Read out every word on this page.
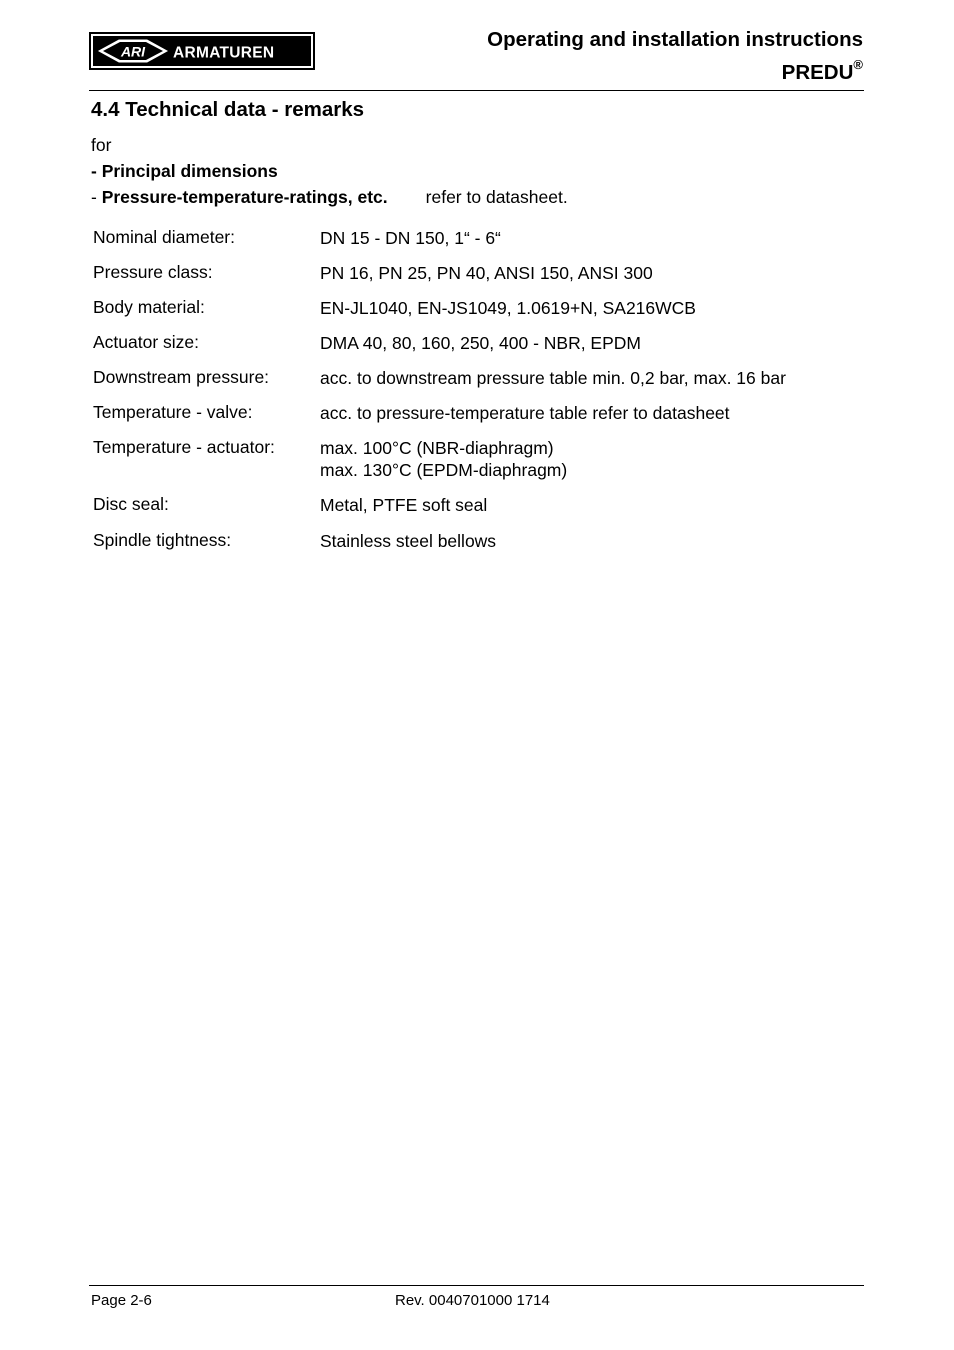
ARI ARMATUREN
Operating and installation instructions
PREDU®
4.4 Technical data - remarks
for
- Principal dimensions
- Pressure-temperature-ratings, etc. refer to datasheet.
Nominal diameter:	DN 15 - DN 150, 1“ - 6“
Pressure class:	PN 16, PN 25, PN 40, ANSI 150, ANSI 300
Body material:	EN-JL1040, EN-JS1049, 1.0619+N, SA216WCB
Actuator size:	DMA 40, 80, 160, 250, 400 - NBR, EPDM
Downstream pressure:	acc. to downstream pressure table min. 0,2 bar, max. 16 bar
Temperature - valve:	acc. to pressure-temperature table refer to datasheet
Temperature - actuator:	max. 100°C (NBR-diaphragm)
max. 130°C (EPDM-diaphragm)
Disc seal:	Metal, PTFE soft seal
Spindle tightness:	Stainless steel bellows
Page 2-6	Rev. 0040701000 1714
